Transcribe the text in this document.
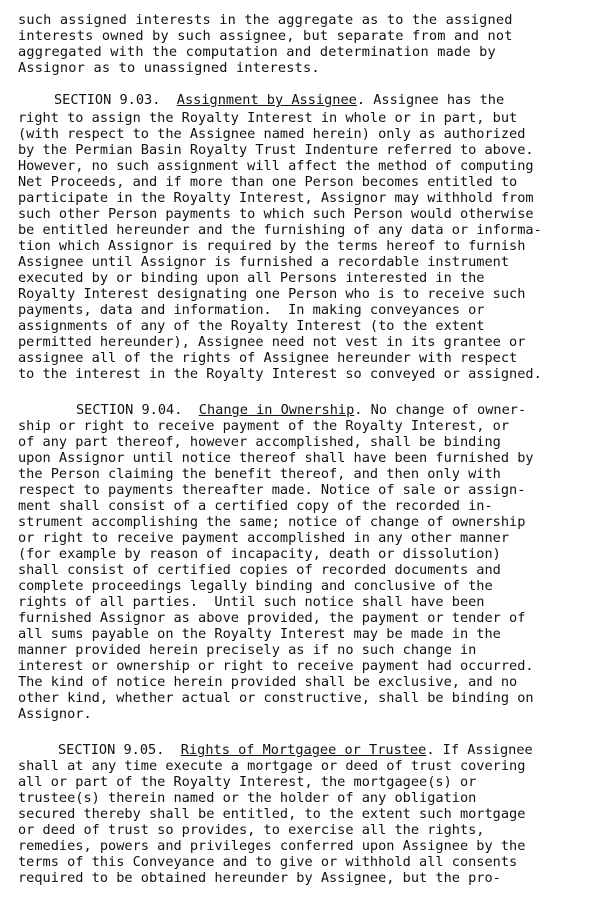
such assigned interests in the aggregate as to the assigned
interests owned by such assignee, but separate from and not
aggregated with the computation and determination made by
Assignor as to unassigned interests.
SECTION 9.03. Assignment by Assignee. Assignee has the
right to assign the Royalty Interest in whole or in part, but
(with respect to the Assignee named herein) only as authorized
by the Permian Basin Royalty Trust Indenture referred to above.
However, no such assignment will affect the method of computing
Net Proceeds, and if more than one Person becomes entitled to
participate in the Royalty Interest, Assignor may withhold from
such other Person payments to which such Person would otherwise
be entitled hereunder and the furnishing of any data or informa-
tion which Assignor is required by the terms hereof to furnish
Assignee until Assignor is furnished a recordable instrument
executed by or binding upon all Persons interested in the
Royalty Interest designating one Person who is to receive such
payments, data and information.  In making conveyances or
assignments of any of the Royalty Interest (to the extent
permitted hereunder), Assignee need not vest in its grantee or
assignee all of the rights of Assignee hereunder with respect
to the interest in the Royalty Interest so conveyed or assigned.
SECTION 9.04. Change in Ownership. No change of owner-
ship or right to receive payment of the Royalty Interest, or
of any part thereof, however accomplished, shall be binding
upon Assignor until notice thereof shall have been furnished by
the Person claiming the benefit thereof, and then only with
respect to payments thereafter made. Notice of sale or assign-
ment shall consist of a certified copy of the recorded in-
strument accomplishing the same; notice of change of ownership
or right to receive payment accomplished in any other manner
(for example by reason of incapacity, death or dissolution)
shall consist of certified copies of recorded documents and
complete proceedings legally binding and conclusive of the
rights of all parties.  Until such notice shall have been
furnished Assignor as above provided, the payment or tender of
all sums payable on the Royalty Interest may be made in the
manner provided herein precisely as if no such change in
interest or ownership or right to receive payment had occurred.
The kind of notice herein provided shall be exclusive, and no
other kind, whether actual or constructive, shall be binding on
Assignor.
SECTION 9.05. Rights of Mortgagee or Trustee. If Assignee
shall at any time execute a mortgage or deed of trust covering
all or part of the Royalty Interest, the mortgagee(s) or
trustee(s) therein named or the holder of any obligation
secured thereby shall be entitled, to the extent such mortgage
or deed of trust so provides, to exercise all the rights,
remedies, powers and privileges conferred upon Assignee by the
terms of this Conveyance and to give or withhold all consents
required to be obtained hereunder by Assignee, but the pro-
